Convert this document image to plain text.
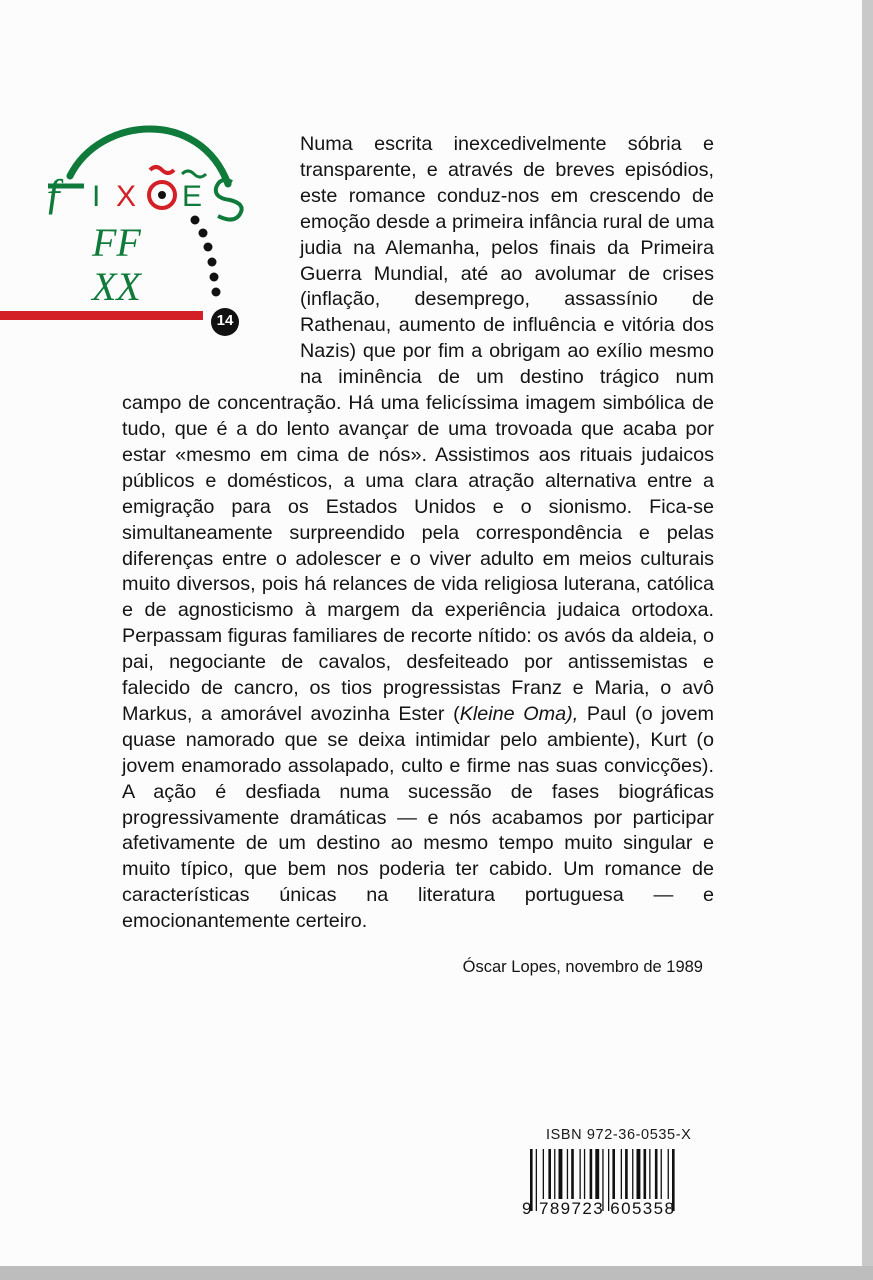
ƒ I X E
FF
XX
14
Numa escrita inexcedivelmente sóbria e transparente, e através de breves episódios, este romance conduz-nos em crescendo de emoção desde a primeira infância rural de uma judia na Alemanha, pelos finais da Primeira Guerra Mundial, até ao avolumar de crises (inflação, desemprego, assassínio de Rathenau, aumento de influência e vitória dos Nazis) que por fim a obrigam ao exílio mesmo na iminência de um destino trágico num campo de concentração. Há uma felicíssima imagem simbólica de tudo, que é a do lento avançar de uma trovoada que acaba por estar «mesmo em cima de nós». Assistimos aos rituais judaicos públicos e domésticos, a uma clara atração alternativa entre a emigração para os Estados Unidos e o sionismo. Fica-se simultaneamente surpreendido pela correspondência e pelas diferenças entre o adolescer e o viver adulto em meios culturais muito diversos, pois há relances de vida religiosa luterana, católica e de agnosticismo à margem da experiência judaica ortodoxa. Perpassam figuras familiares de recorte nítido: os avós da aldeia, o pai, negociante de cavalos, desfeiteado por antissemistas e falecido de cancro, os tios progressistas Franz e Maria, o avô Markus, a amorável avozinha Ester (Kleine Oma), Paul (o jovem quase namorado que se deixa intimidar pelo ambiente), Kurt (o jovem enamorado assolapado, culto e firme nas suas convicções). A ação é desfiada numa sucessão de fases biográficas progressivamente dramáticas — e nós acabamos por participar afetivamente de um destino ao mesmo tempo muito singular e muito típico, que bem nos poderia ter cabido. Um romance de características únicas na literatura portuguesa — e emocionantemente certeiro.
Óscar Lopes, novembro de 1989
ISBN 972-36-0535-X
9 789723 605358
